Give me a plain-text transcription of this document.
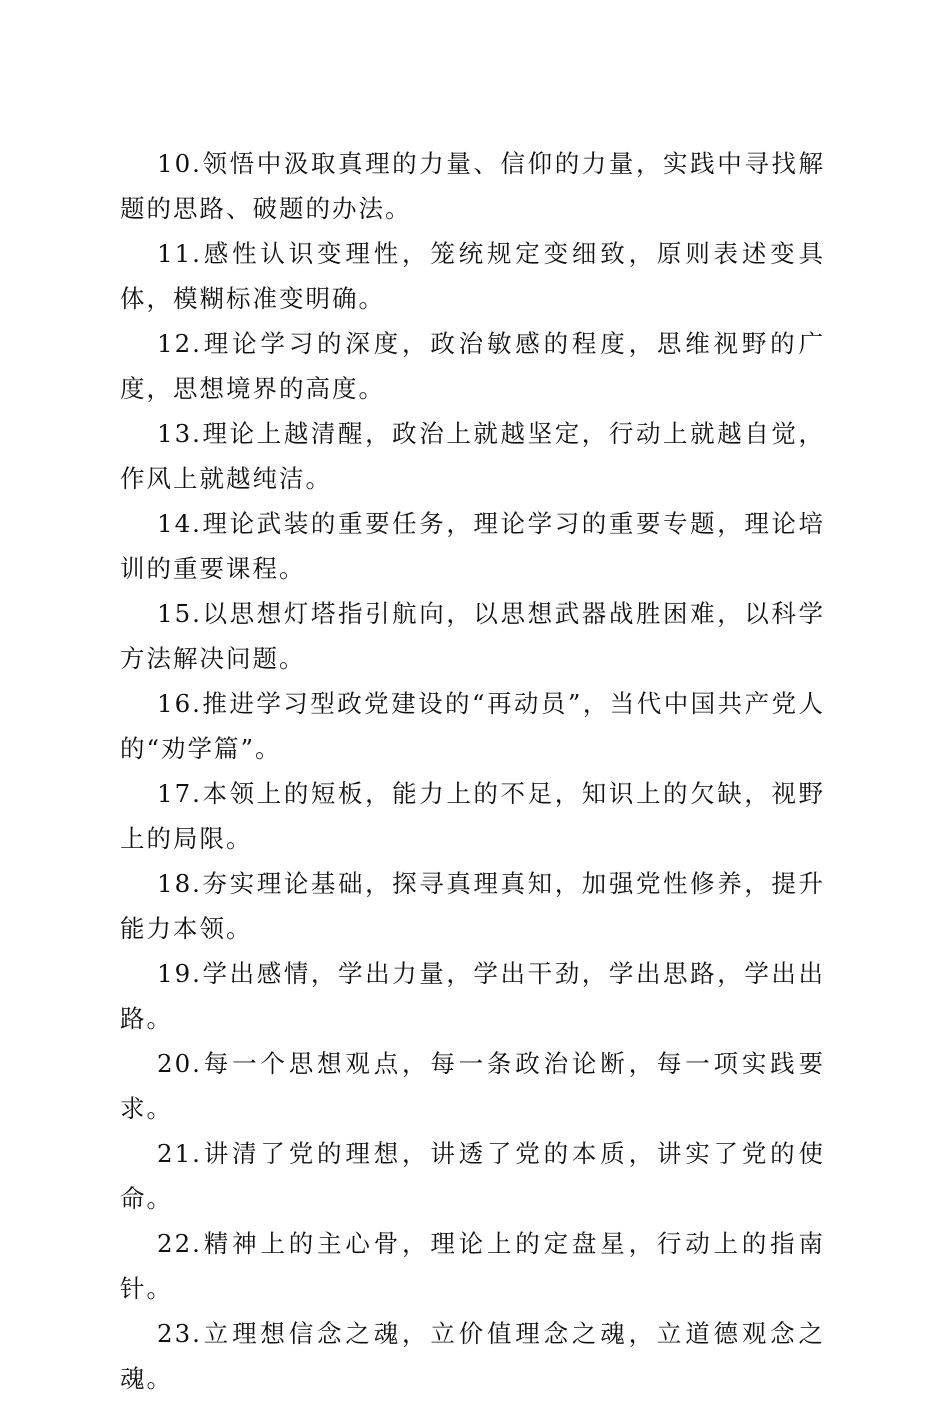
10.领悟中汲取真理的力量、信仰的力量，实践中寻找解题的思路、破题的办法。

11.感性认识变理性，笼统规定变细致，原则表述变具体，模糊标准变明确。

12.理论学习的深度，政治敏感的程度，思维视野的广度，思想境界的高度。

13.理论上越清醒，政治上就越坚定，行动上就越自觉，作风上就越纯洁。

14.理论武装的重要任务，理论学习的重要专题，理论培训的重要课程。

15.以思想灯塔指引航向，以思想武器战胜困难，以科学方法解决问题。

16.推进学习型政党建设的“再动员”，当代中国共产党人的“劝学篇”。

17.本领上的短板，能力上的不足，知识上的欠缺，视野上的局限。

18.夯实理论基础，探寻真理真知，加强党性修养，提升能力本领。

19.学出感情，学出力量，学出干劲，学出思路，学出出路。

20.每一个思想观点，每一条政治论断，每一项实践要求。

21.讲清了党的理想，讲透了党的本质，讲实了党的使命。

22.精神上的主心骨，理论上的定盘星，行动上的指南针。

23.立理想信念之魂，立价值理念之魂，立道德观念之魂。
